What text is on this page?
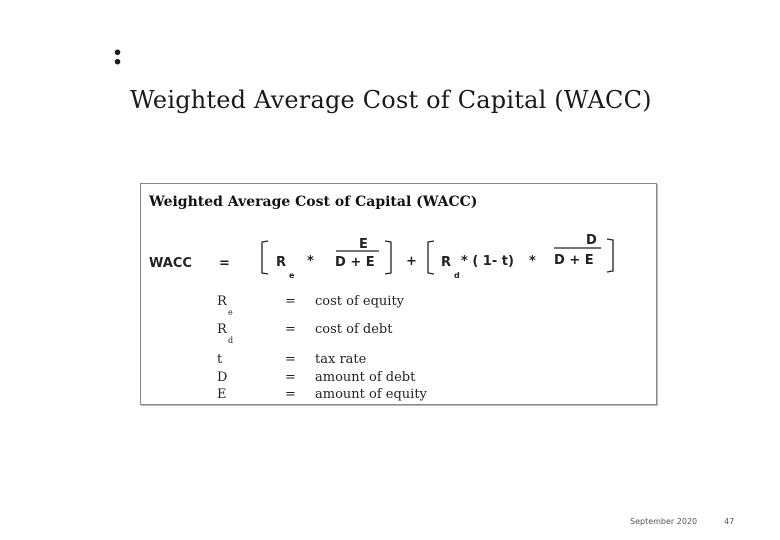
:
Weighted Average Cost of Capital (WACC)
Weighted Average Cost of Capital (WACC)
WACC =	R
e
*
E
D + E + R
d
* ( 1- t) *
D
D + E
R
e
= cost of equity
R
d
= cost of debt
t	= tax rate
D	= amount of debt
E	= amount of equity
September 2020	47
